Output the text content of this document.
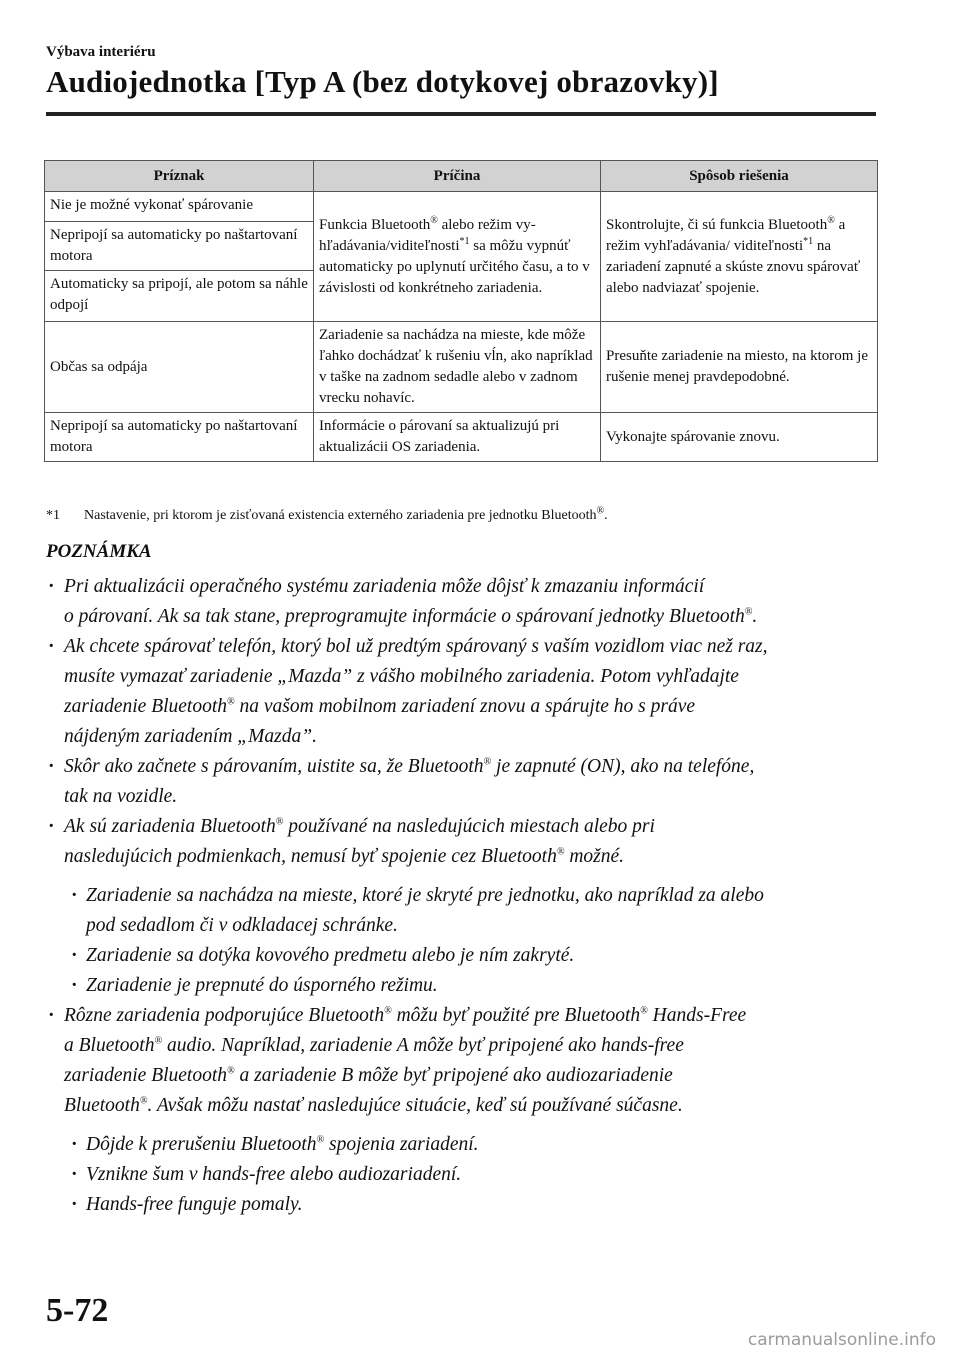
Výbava interiéru
Audiojednotka [Typ A (bez dotykovej obrazovky)]
Príznak	Príčina	Spôsob riešenia
Nie je možné vykonať spárovanie	Funkcia Bluetooth® alebo režim vyhľadávania/viditeľnosti$^{*1}$ sa môžu vypnúť automaticky po uplynutí určitého času, a to v závislosti od konkrétneho zariadenia.	Skontrolujte, či sú funkcia Bluetooth® a režim vyhľadávania/ viditeľnosti$^{*1}$ na zariadení zapnuté a skúste znovu spárovať alebo nadviazať spojenie.
Nepripojí sa automaticky po naštartovaní motora		
Automaticky sa pripojí, ale potom sa náhle odpojí		
Občas sa odpája	Zariadenie sa nachádza na mieste, kde môže ľahko dochádzať k rušeniu vĺn, ako napríklad v taške na zadnom sedadle alebo v zadnom vrecku nohavíc.	Presuňte zariadenie na miesto, na ktorom je rušenie menej pravdepodobné.
Nepripojí sa automaticky po naštartovaní motora	Informácie o párovaní sa aktualizujú pri aktualizácii OS zariadenia.	Vykonajte spárovanie znovu.
*1 Nastavenie, pri ktorom je zisťovaná existencia externého zariadenia pre jednotku Bluetooth®.
POZNÁMKA
· Pri aktualizácii operačného systému zariadenia môže dôjsť k zmazaniu informácií
o párovaní. Ak sa tak stane, preprogramujte informácie o spárovaní jednotky Bluetooth®.
· Ak chcete spárovať telefón, ktorý bol už predtým spárovaný s vaším vozidlom viac než raz,
musíte vymazať zariadenie „Mazda” z vášho mobilného zariadenia. Potom vyhľadajte
zariadenie Bluetooth® na vašom mobilnom zariadení znovu a spárujte ho s práve
nájdeným zariadením „Mazda”.
· Skôr ako začnete s párovaním, uistite sa, že Bluetooth® je zapnuté (ON), ako na telefóne,
tak na vozidle.
· Ak sú zariadenia Bluetooth® používané na nasledujúcich miestach alebo pri
nasledujúcich podmienkach, nemusí byť spojenie cez Bluetooth® možné.
· Zariadenie sa nachádza na mieste, ktoré je skryté pre jednotku, ako napríklad za alebo
pod sedadlom či v odkladacej schránke.
· Zariadenie sa dotýka kovového predmetu alebo je ním zakryté.
· Zariadenie je prepnuté do úsporného režimu.
· Rôzne zariadenia podporujúce Bluetooth® môžu byť použité pre Bluetooth® Hands-Free
a Bluetooth® audio. Napríklad, zariadenie A môže byť pripojené ako hands-free
zariadenie Bluetooth® a zariadenie B môže byť pripojené ako audiozariadenie
Bluetooth®. Avšak môžu nastať nasledujúce situácie, keď sú používané súčasne.
· Dôjde k prerušeniu Bluetooth® spojenia zariadení.
· Vznikne šum v hands-free alebo audiozariadení.
· Hands-free funguje pomaly.
5-72
carmanualsonline.info
